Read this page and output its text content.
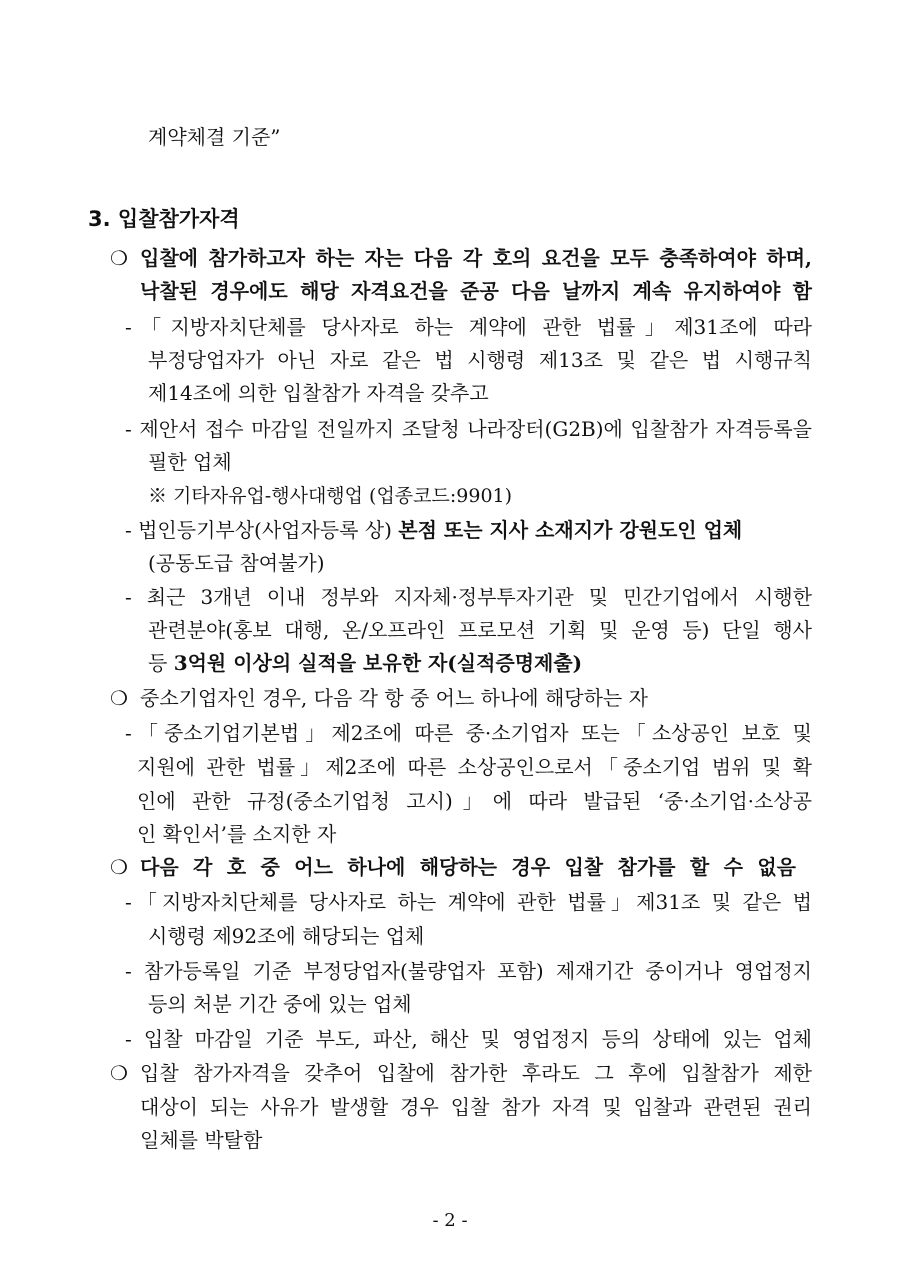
계약체결 기준”
3. 입찰참가자격
❍ 입찰에 참가하고자 하는 자는 다음 각 호의 요건을 모두 충족하여야 하며,
낙찰된 경우에도 해당 자격요건을 준공 다음 날까지 계속 유지하여야 함
-「지방자치단체를 당사자로 하는 계약에 관한 법률」제31조에 따라
부정당업자가 아닌 자로 같은 법 시행령 제13조 및 같은 법 시행규칙
제14조에 의한 입찰참가 자격을 갖추고
- 제안서 접수 마감일 전일까지 조달청 나라장터(G2B)에 입찰참가 자격등록을
필한 업체
※ 기타자유업-행사대행업 (업종코드:9901)
- 법인등기부상(사업자등록 상) 본점 또는 지사 소재지가 강원도인 업체
(공동도급 참여불가)
- 최근 3개년 이내 정부와 지자체·정부투자기관 및 민간기업에서 시행한
관련분야(홍보 대행, 온/오프라인 프로모션 기획 및 운영 등) 단일 행사
등 3억원 이상의 실적을 보유한 자(실적증명제출)
❍ 중소기업자인 경우, 다음 각 항 중 어느 하나에 해당하는 자
-「중소기업기본법」제2조에 따른 중·소기업자 또는「소상공인 보호 및
지원에 관한 법률」제2조에 따른 소상공인으로서「중소기업 범위 및 확
인에 관한 규정(중소기업청 고시)」에 따라 발급된 ‘중·소기업·소상공
인 확인서’를 소지한 자
❍ 다음 각 호 중 어느 하나에 해당하는 경우 입찰 참가를 할 수 없음
-「지방자치단체를 당사자로 하는 계약에 관한 법률」제31조 및 같은 법
시행령 제92조에 해당되는 업체
- 참가등록일 기준 부정당업자(불량업자 포함) 제재기간 중이거나 영업정지
등의 처분 기간 중에 있는 업체
- 입찰 마감일 기준 부도, 파산, 해산 및 영업정지 등의 상태에 있는 업체
❍ 입찰 참가자격을 갖추어 입찰에 참가한 후라도 그 후에 입찰참가 제한
대상이 되는 사유가 발생할 경우 입찰 참가 자격 및 입찰과 관련된 권리
일체를 박탈함
- 2 -
